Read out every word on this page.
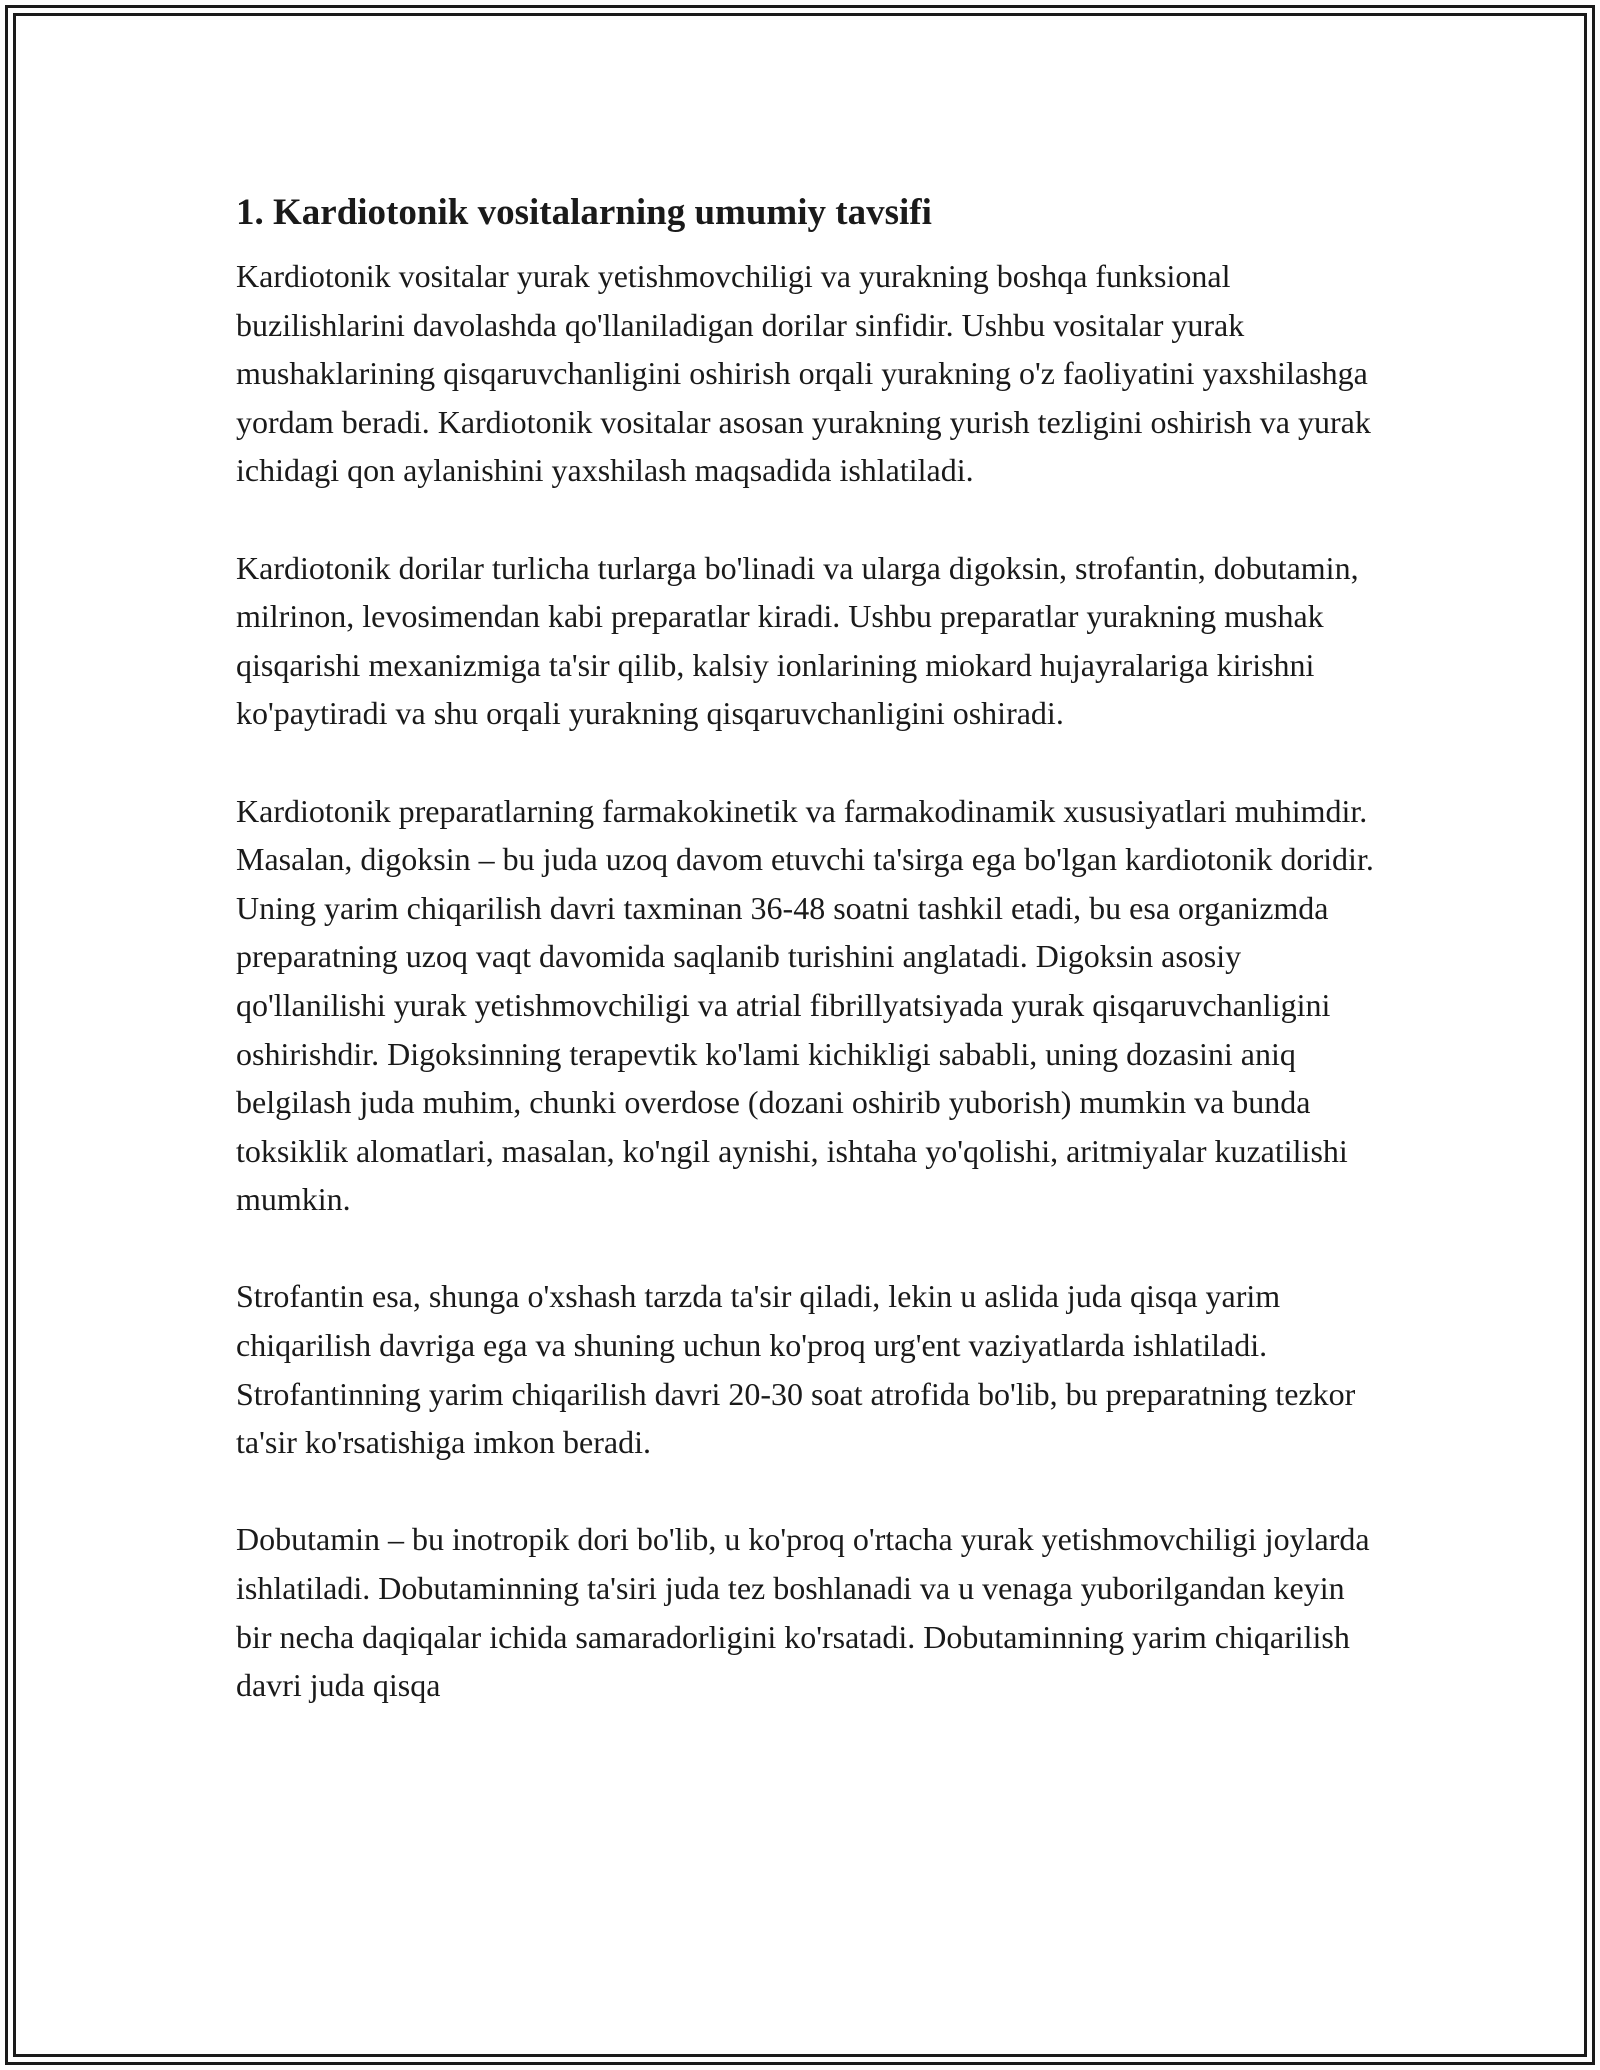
1. Kardiotonik vositalarning umumiy tavsifi

Kardiotonik vositalar yurak yetishmovchiligi va yurakning boshqa funksional buzilishlarini davolashda qo'llaniladigan dorilar sinfidir. Ushbu vositalar yurak mushaklarining qisqaruvchanligini oshirish orqali yurakning o'z faoliyatini yaxshilashga yordam beradi. Kardiotonik vositalar asosan yurakning yurish tezligini oshirish va yurak ichidagi qon aylanishini yaxshilash maqsadida ishlatiladi.

Kardiotonik dorilar turlicha turlarga bo'linadi va ularga digoksin, strofantin, dobutamin, milrinon, levosimendan kabi preparatlar kiradi. Ushbu preparatlar yurakning mushak qisqarishi mexanizmiga ta'sir qilib, kalsiy ionlarining miokard hujayralariga kirishni ko'paytiradi va shu orqali yurakning qisqaruvchanligini oshiradi.

Kardiotonik preparatlarning farmakokinetik va farmakodinamik xususiyatlari muhimdir. Masalan, digoksin – bu juda uzoq davom etuvchi ta'sirga ega bo'lgan kardiotonik doridir. Uning yarim chiqarilish davri taxminan 36-48 soatni tashkil etadi, bu esa organizmda preparatning uzoq vaqt davomida saqlanib turishini anglatadi. Digoksin asosiy qo'llanilishi yurak yetishmovchiligi va atrial fibrillyatsiyada yurak qisqaruvchanligini oshirishdir. Digoksinning terapevtik ko'lami kichikligi sababli, uning dozasini aniq belgilash juda muhim, chunki overdose (dozani oshirib yuborish) mumkin va bunda toksiklik alomatlari, masalan, ko'ngil aynishi, ishtaha yo'qolishi, aritmiyalar kuzatilishi mumkin.

Strofantin esa, shunga o'xshash tarzda ta'sir qiladi, lekin u aslida juda qisqa yarim chiqarilish davriga ega va shuning uchun ko'proq urg'ent vaziyatlarda ishlatiladi. Strofantinning yarim chiqarilish davri 20-30 soat atrofida bo'lib, bu preparatning tezkor ta'sir ko'rsatishiga imkon beradi.

Dobutamin – bu inotropik dori bo'lib, u ko'proq o'rtacha yurak yetishmovchiligi joylarda ishlatiladi. Dobutaminning ta'siri juda tez boshlanadi va u venaga yuborilgandan keyin bir necha daqiqalar ichida samaradorligini ko'rsatadi. Dobutaminning yarim chiqarilish davri juda qisqa
